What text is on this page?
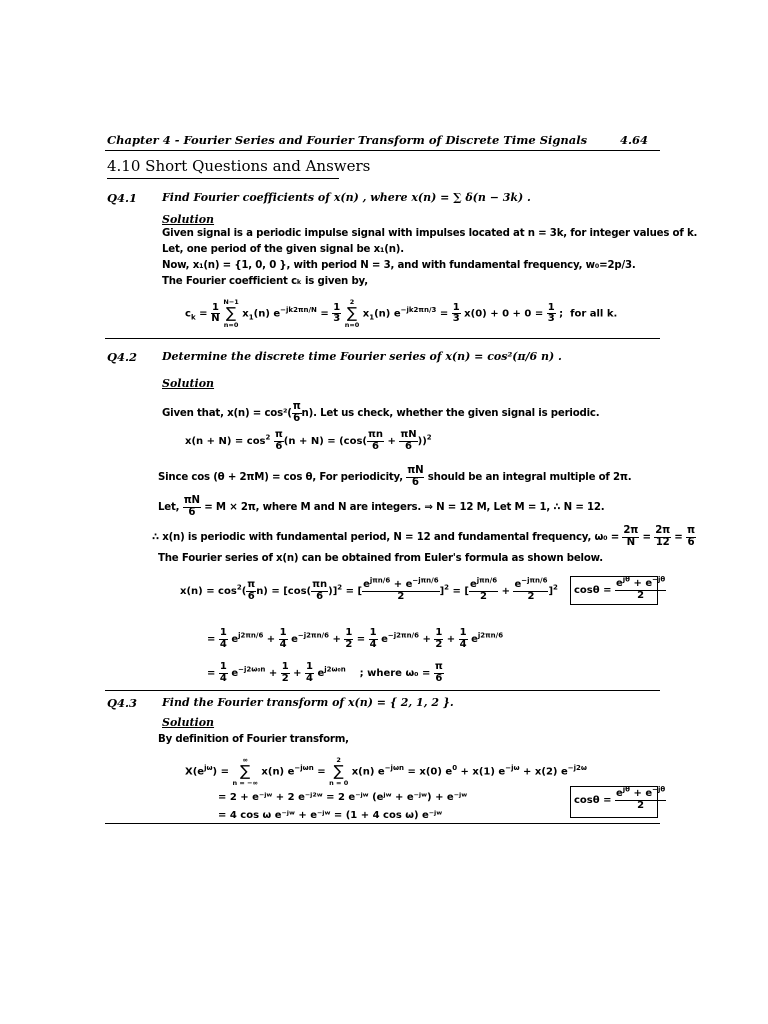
Chapter 4 - Fourier Series and Fourier Transform of Discrete Time Signals	4.64
4.10 Short Questions and Answers
Q4.1 Find Fourier coefficients of x(n) , where x(n) = ∑ δ(n − 3k) .
Solution
Given signal is a periodic impulse signal with impulses located at n = 3k, for integer values of k.
Let, one period of the given signal be x₁(n).
Now, x₁(n) = {1, 0, 0 }, with period N = 3, and with fundamental frequency, w₀=2p/3.
The Fourier coefficient cₖ is given by,
$c_k = \frac{1}{N}$

N−1
∑
n=0
$x_1(n) e^{-jk2\pi n/N} = \frac{1}{3}$

2
∑
n=0
$x_1(n) e^{-jk2\pi n/3} = \frac{1}{3} x(0) + 0 + 0 = \frac{1}{3}$ ;  for all k.
Q4.2 Determine the discrete time Fourier series of x(n) = cos²(π/6 n) .
Solution
Given that, $x(n) = \cos^2( \frac{\pi}{6} n)$. Let us check, whether the given signal is periodic.
$x(n + N) = \cos^2 \frac{\pi}{6} (n + N) = (\cos( \frac{\pi n}{6} + \frac{\pi N}{6} ))^2$
Since cos (θ + 2πM) = cos θ, For periodicity, $\frac{\pi N}{6}$ should be an integral multiple of 2π.
Let, $\frac{\pi N}{6} = M \times 2\pi$, where M and N are integers. ⇒ N = 12 M, Let M = 1, ∴ N = 12.
∴ x(n) is periodic with fundamental period, N = 12 and fundamental frequency, $\omega_0 = \frac{2\pi}{N} = \frac{2\pi}{12} = \frac{\pi}{6}$
The Fourier series of x(n) can be obtained from Euler's formula as shown below.
$x(n) = \cos^2( \frac{\pi}{6} n) = [\cos( \frac{\pi n}{6} )]^2$ = [ $\frac{e^{j\pi n/6} + e^{-j\pi n/6}}{2} ]^2$ = [ $\frac{e^{j\pi n/6}}{2} + \frac{e^{-j\pi n/6}}{2} ]^2$ $\cos\theta = \frac{e^{j\theta} + e^{-j\theta}}{2}$
= $\frac{1}{4} e^{j2\pi n/6} + \frac{1}{4} e^{-j2\pi n/6} + \frac{1}{2} = \frac{1}{4} e^{-j2\pi n/6} + \frac{1}{2} + \frac{1}{4} e^{j2\pi n/6}$
= $\frac{1}{4} e^{-j2\omega_0n} + \frac{1}{2} + \frac{1}{4} e^{j2\omega_0n}$ ; where $\omega_0 = \frac{\pi}{6}$
Q4.3 Find the Fourier transform of x(n) = { 2, 1, 2 }.
Solution
By definition of Fourier transform,
$X(e^{j\omega})$ =
∞
∑
n = −∞
x(n) $e^{-j\omega n}$ =
2
∑
n = 0
x(n) $e^{-j\omega n} = x(0) e^0 + x(1) e^{-j\omega} + x(2)$ $e^{-j2\omega}$
= 2 + e⁻ʲʷ + 2 e⁻ʲ²ʷ = 2 e⁻ʲʷ (eʲʷ + e⁻ʲʷ) + e⁻ʲʷ
= 4 cos ω e⁻ʲʷ + e⁻ʲʷ = (1 + 4 cos ω) e⁻ʲʷ
$\cos\theta = \frac{e^{j\theta} + e^{-j\theta}}{2}$
